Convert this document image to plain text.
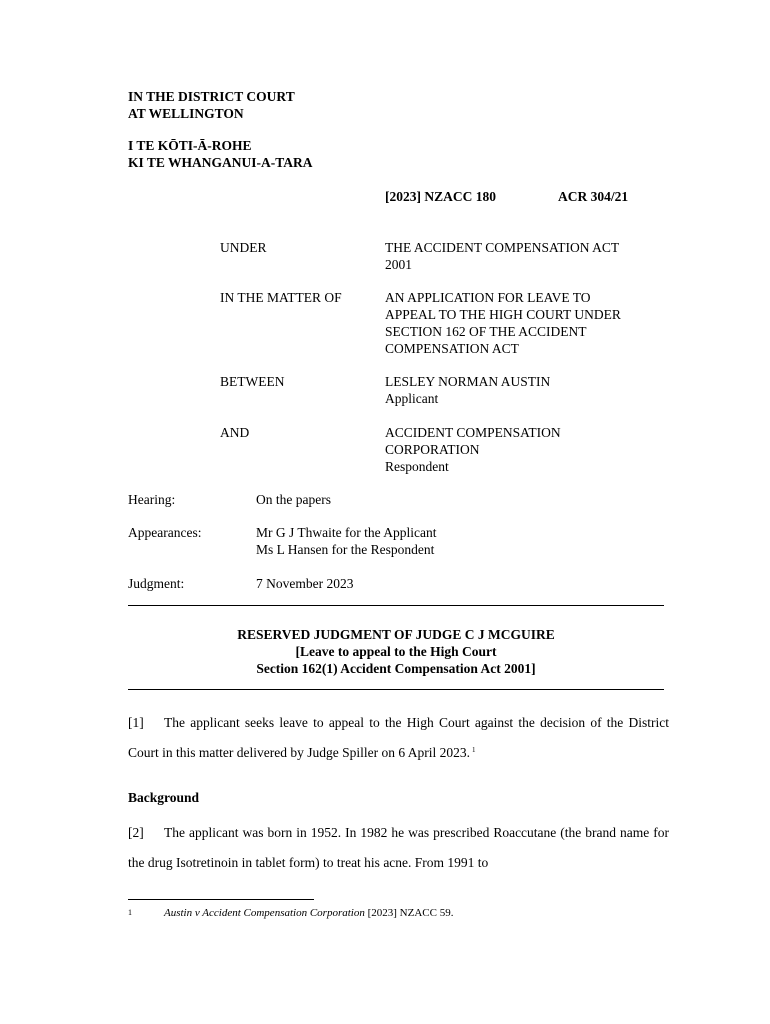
IN THE DISTRICT COURT
AT WELLINGTON
I TE KŌTI-Ā-ROHE
KI TE WHANGANUI-A-TARA
[2023] NZACC 180	ACR 304/21
UNDER	THE ACCIDENT COMPENSATION ACT
2001
IN THE MATTER OF	AN APPLICATION FOR LEAVE TO
APPEAL TO THE HIGH COURT UNDER
SECTION 162 OF THE ACCIDENT
COMPENSATION ACT
BETWEEN	LESLEY NORMAN AUSTIN
Applicant
AND	ACCIDENT COMPENSATION
CORPORATION
Respondent
Hearing:	On the papers
Appearances:	Mr G J Thwaite for the Applicant
Ms L Hansen for the Respondent
Judgment:	7 November 2023
RESERVED JUDGMENT OF JUDGE C J MCGUIRE
[Leave to appeal to the High Court
Section 162(1) Accident Compensation Act 2001]
[1] The applicant seeks leave to appeal to the High Court against the decision of the District Court in this matter delivered by Judge Spiller on 6 April 2023. $^1$
Background
[2] The applicant was born in 1952. In 1982 he was prescribed Roaccutane (the brand name for the drug Isotretinoin in tablet form) to treat his acne. From 1991 to
1	Austin v Accident Compensation Corporation [2023] NZACC 59.
